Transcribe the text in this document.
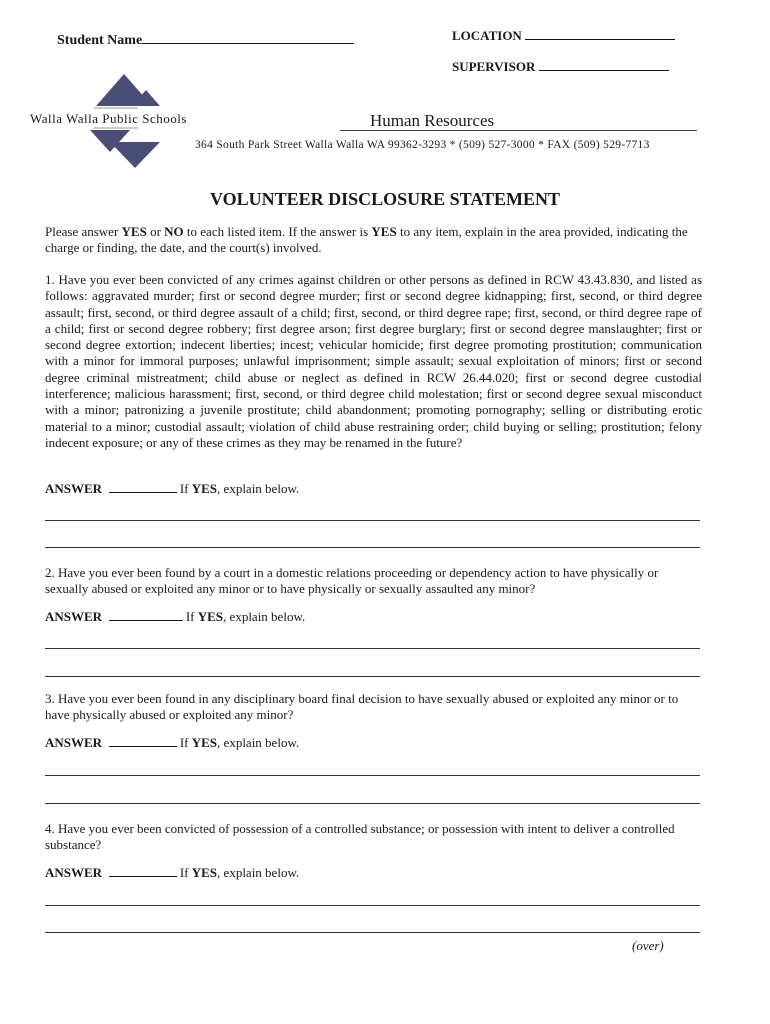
Student Name	LOCATION
SUPERVISOR
Walla Walla Public Schools	Human Resources
364 South Park Street Walla Walla WA 99362-3293 * (509) 527-3000 * FAX (509) 529-7713
VOLUNTEER DISCLOSURE STATEMENT

Please answer YES or NO to each listed item. If the answer is YES to any item, explain in the area provided, indicating the charge or finding, the date, and the court(s) involved.

1. Have you ever been convicted of any crimes against children or other persons as defined in RCW 43.43.830, and listed as follows: aggravated murder; first or second degree murder; first or second degree kidnapping; first, second, or third degree assault; first, second, or third degree assault of a child; first, second, or third degree rape; first, second, or third degree rape of a child; first or second degree robbery; first degree arson; first degree burglary; first or second degree manslaughter; first or second degree extortion; indecent liberties; incest; vehicular homicide; first degree promoting prostitution; communication with a minor for immoral purposes; unlawful imprisonment; simple assault; sexual exploitation of minors; first or second degree criminal mistreatment; child abuse or neglect as defined in RCW 26.44.020; first or second degree custodial interference; malicious harassment; first, second, or third degree child molestation; first or second degree sexual misconduct with a minor; patronizing a juvenile prostitute; child abandonment; promoting pornography; selling or distributing erotic material to a minor; custodial assault; violation of child abuse restraining order; child buying or selling; prostitution; felony indecent exposure; or any of these crimes as they may be renamed in the future?

ANSWER	If YES, explain below.

2. Have you ever been found by a court in a domestic relations proceeding or dependency action to have physically or sexually abused or exploited any minor or to have physically or sexually assaulted any minor?

ANSWER	If YES, explain below.

3. Have you ever been found in any disciplinary board final decision to have sexually abused or exploited any minor or to have physically abused or exploited any minor?

ANSWER	If YES, explain below.

4. Have you ever been convicted of possession of a controlled substance; or possession with intent to deliver a controlled substance?

ANSWER	If YES, explain below.
(over)
